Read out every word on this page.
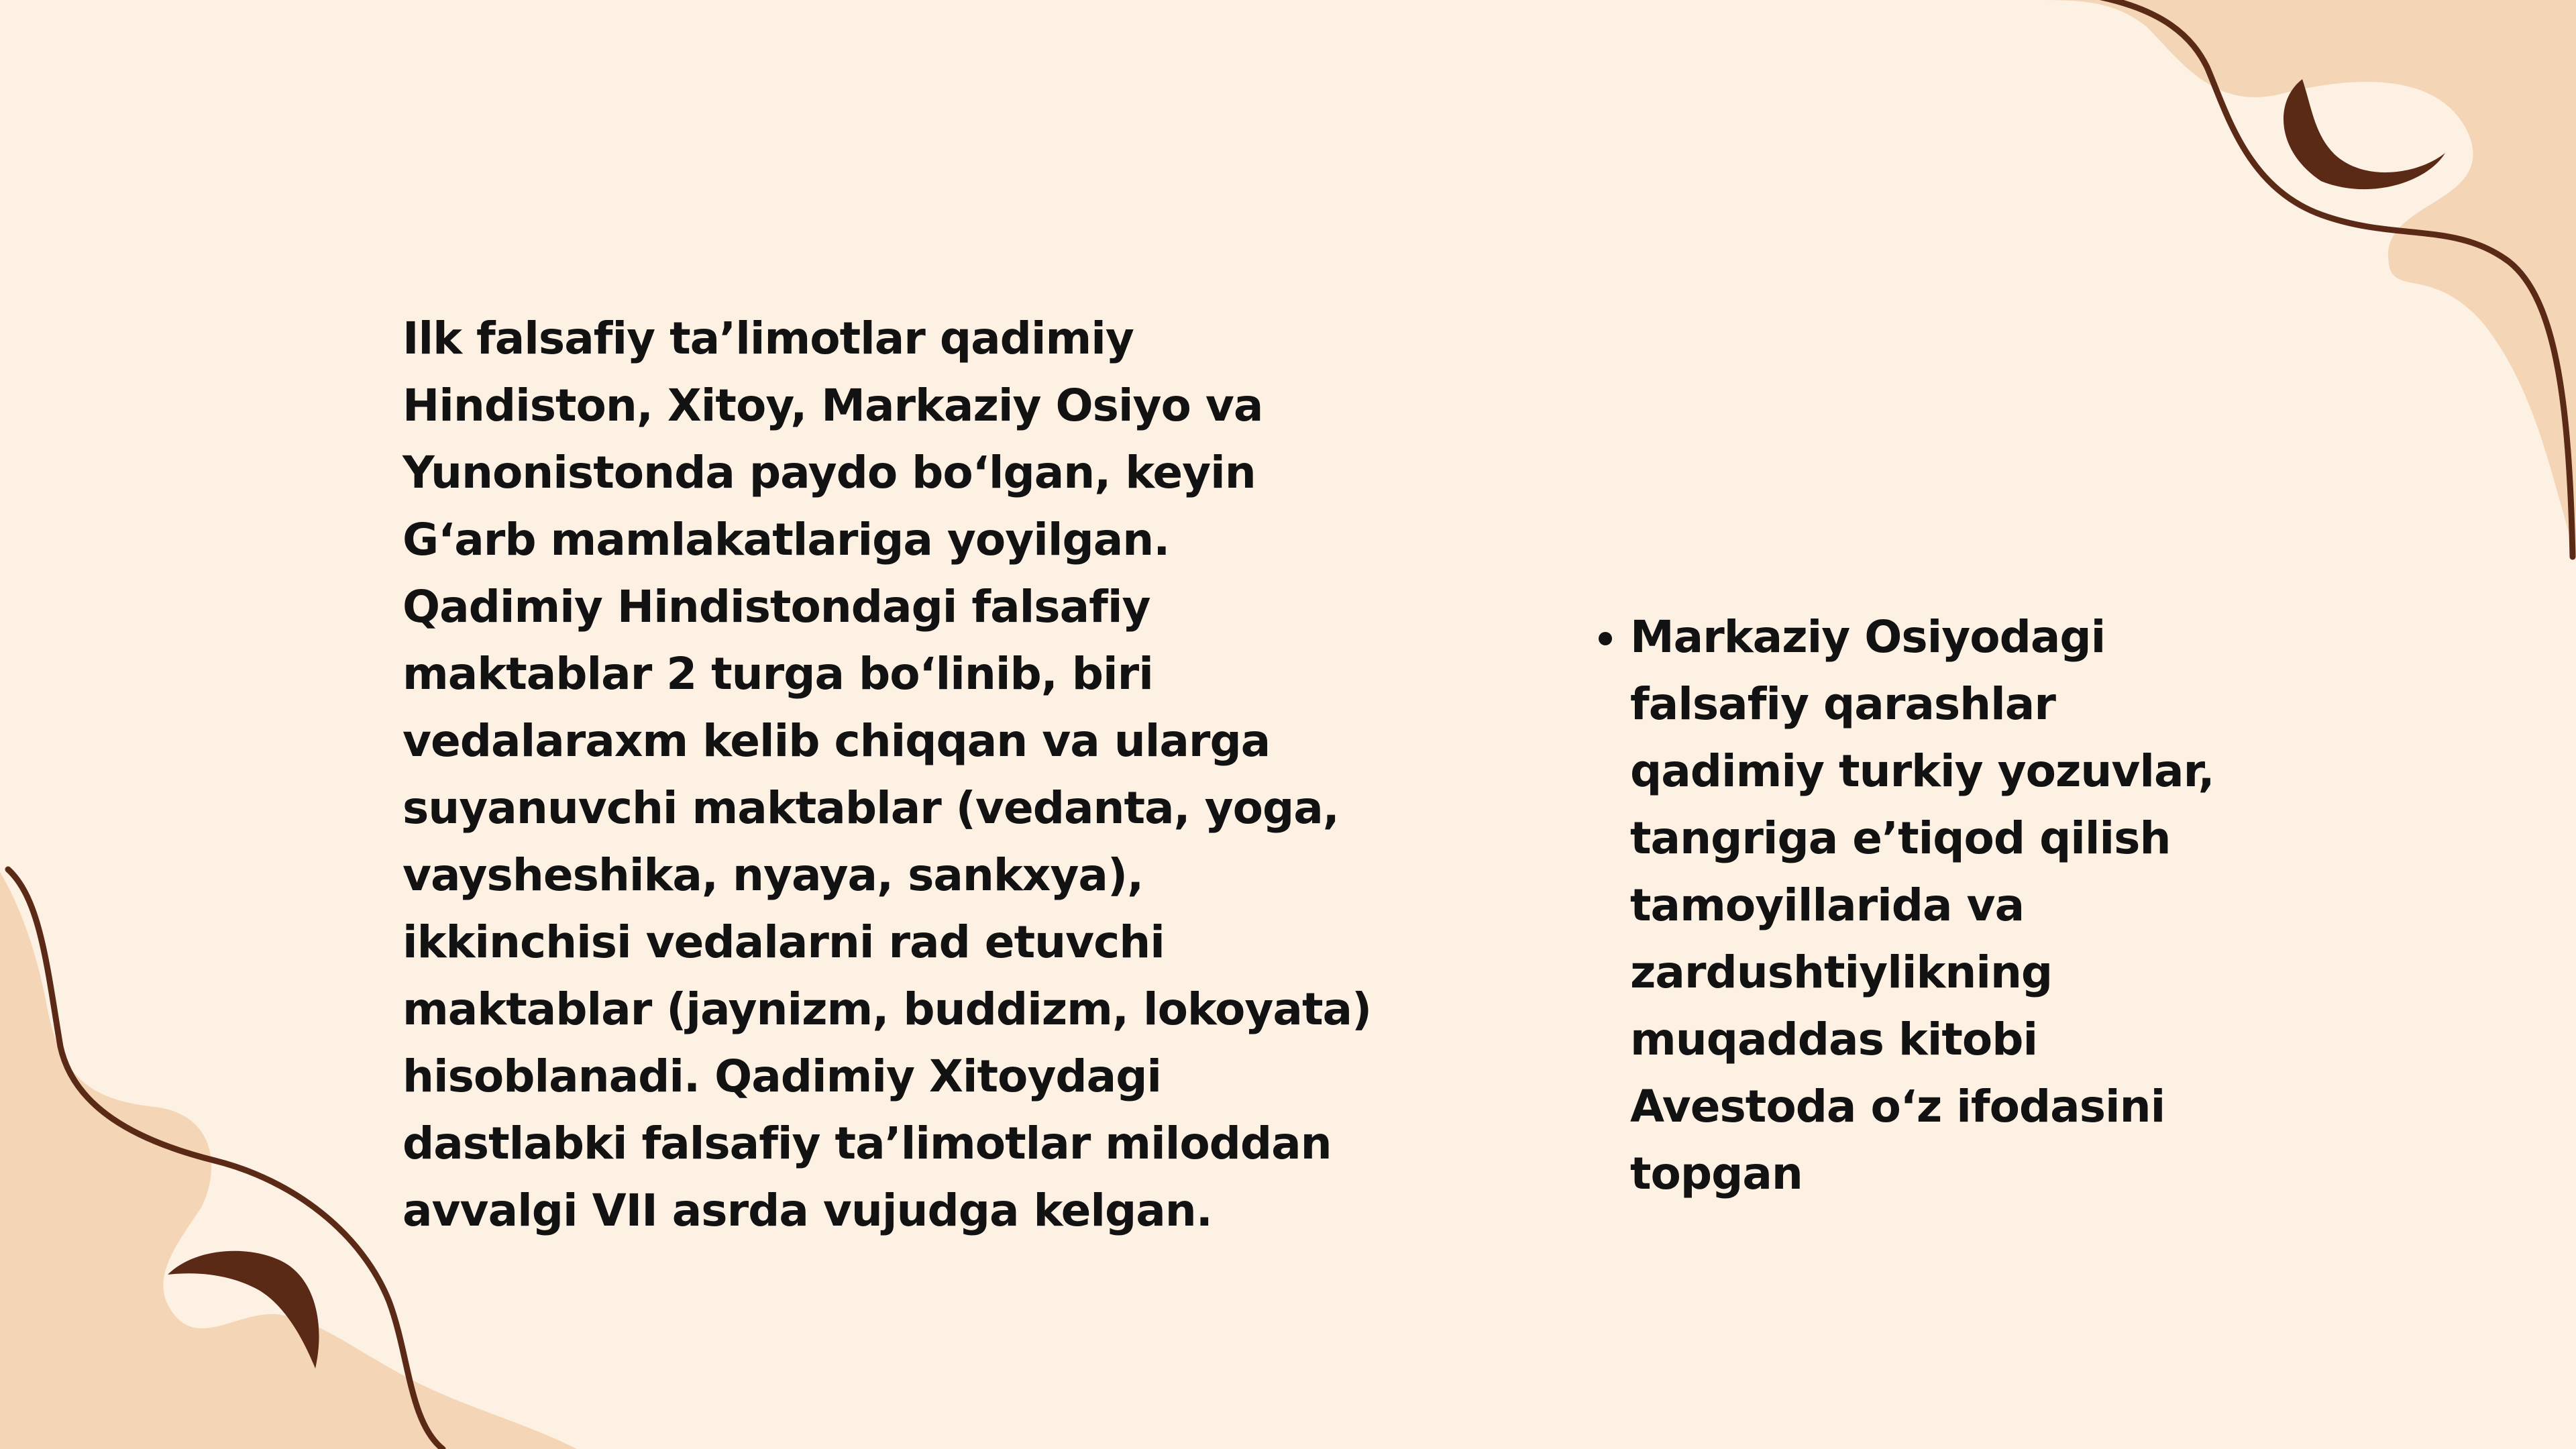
Ilk falsafiy ta’limotlar qadimiy Hindiston, Xitoy, Markaziy Osiyo va Yunonistonda paydo bo‘lgan, keyin G‘arb mamlakatlariga yoyilgan. Qadimiy Hindistondagi falsafiy maktablar 2 turga bo‘linib, biri vedalaraxm kelib chiqqan va ularga suyanuvchi maktablar (vedanta, yoga, vaysheshika, nyaya, sankxya), ikkinchisi vedalarni rad etuvchi maktablar (jaynizm, buddizm, lokoyata) hisoblanadi. Qadimiy Xitoydagi dastlabki falsafiy ta’limotlar miloddan avvalgi VII asrda vujudga kelgan.

• Markaziy Osiyodagi falsafiy qarashlar qadimiy turkiy yozuvlar, tangriga e’tiqod qilish tamoyillarida va zardushtiylikning muqaddas kitobi Avestoda o‘z ifodasini topgan
